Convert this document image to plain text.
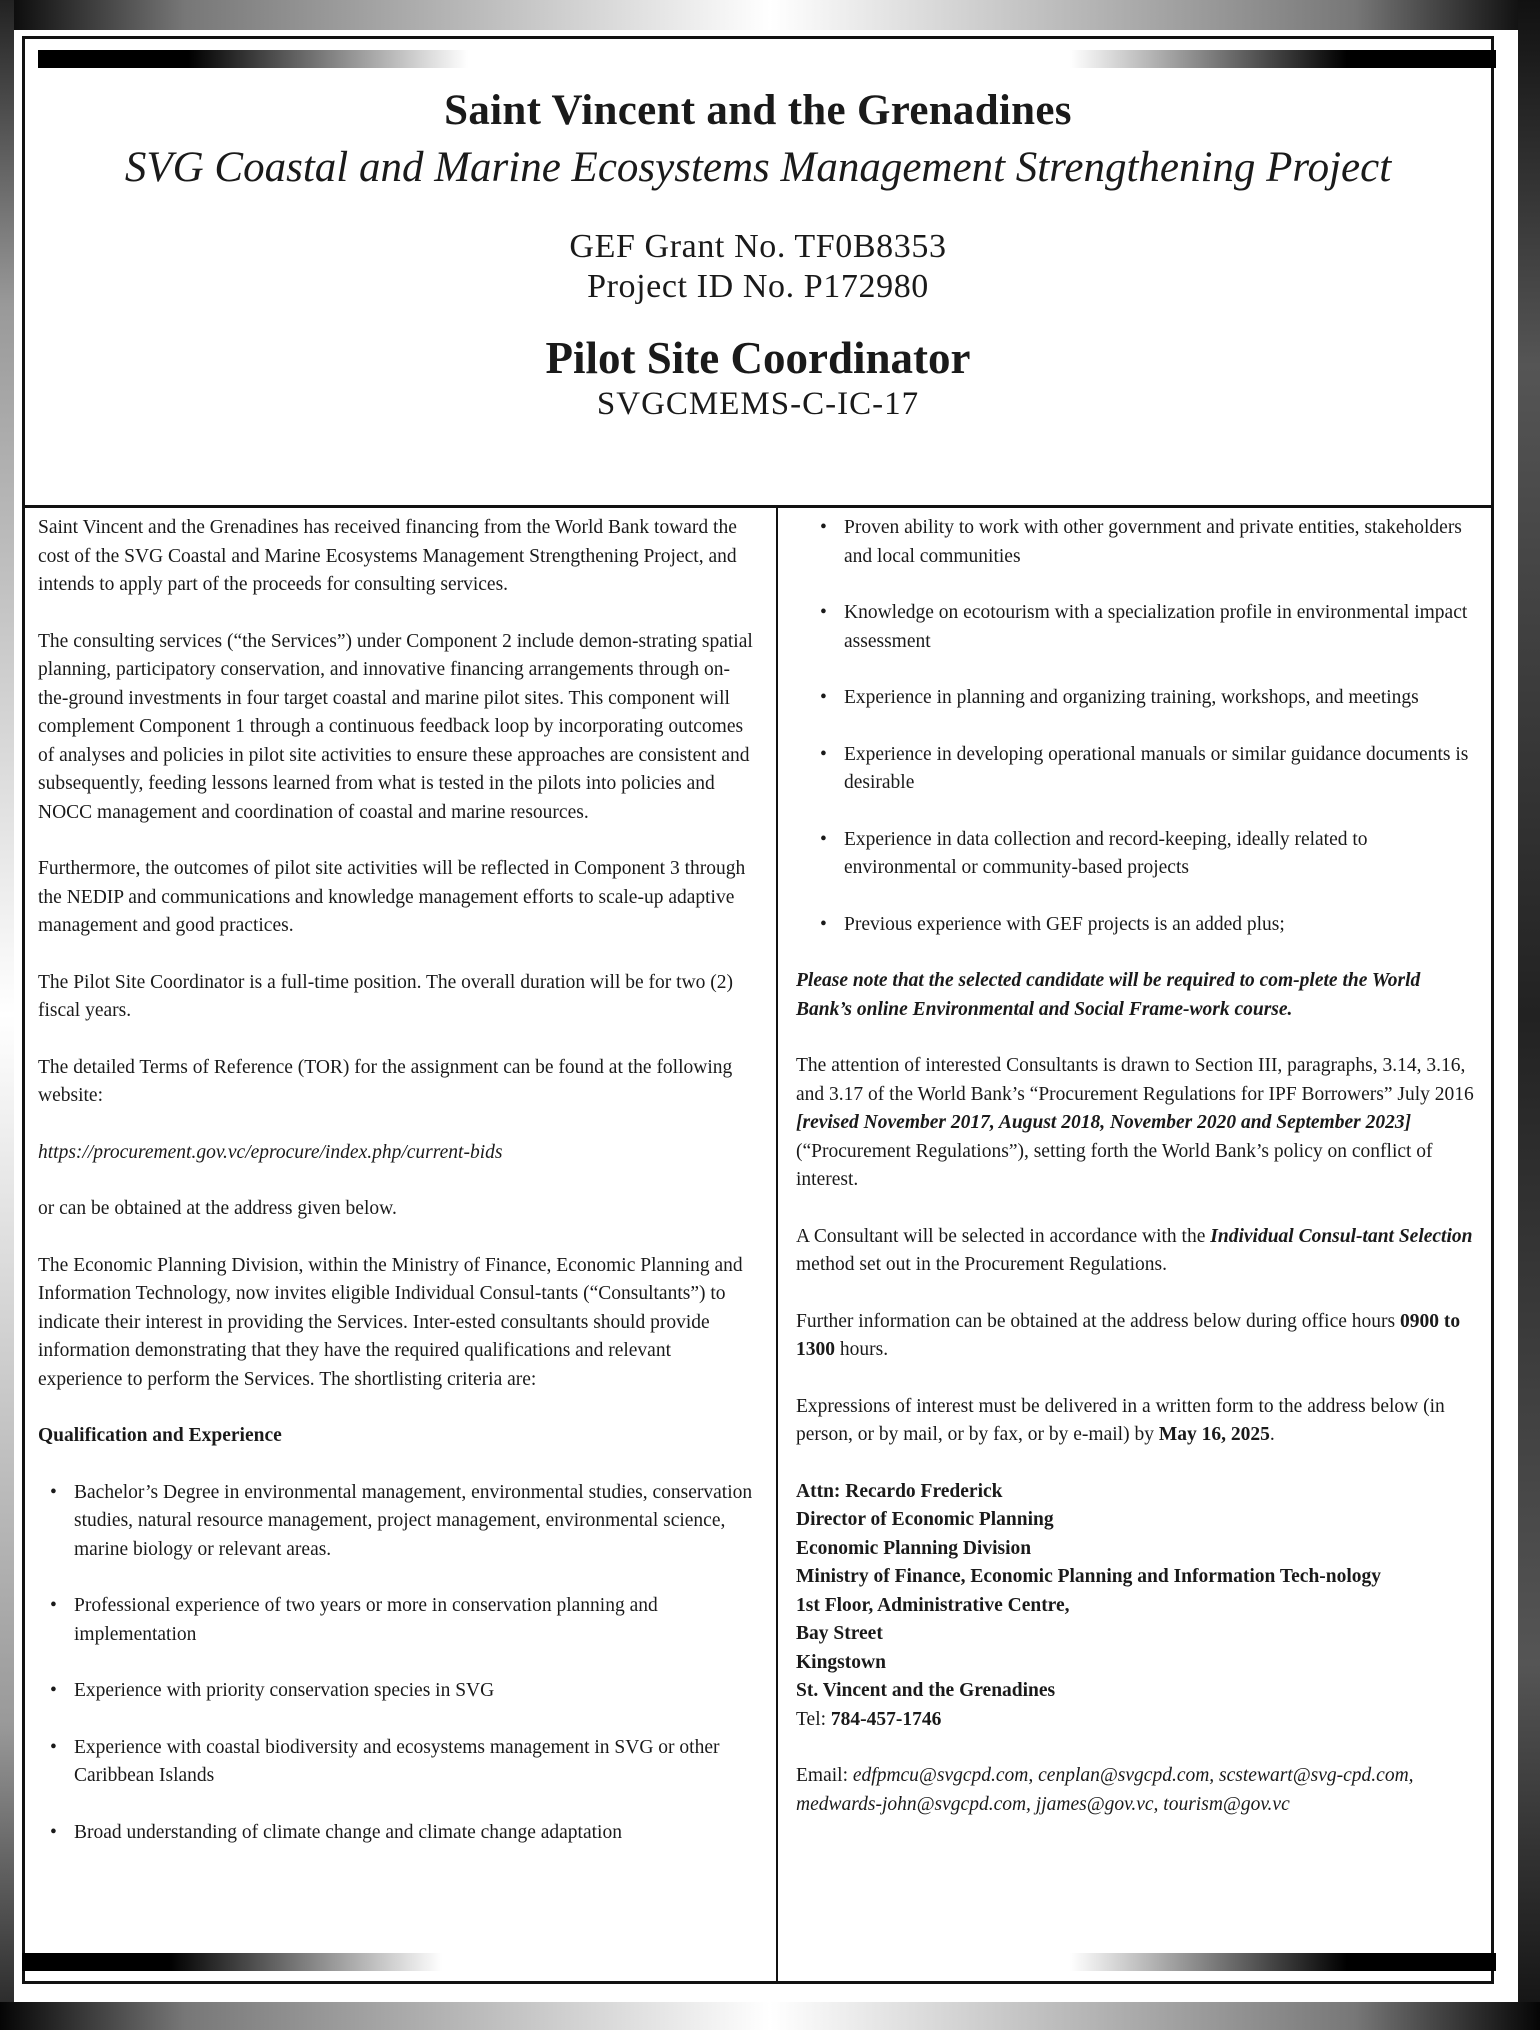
Saint Vincent and the Grenadines
SVG Coastal and Marine Ecosystems Management Strengthening Project
GEF Grant No. TF0B8353
Project ID No. P172980
Pilot Site Coordinator
SVGCMEMS-C-IC-17

Saint Vincent and the Grenadines has received financing from the World Bank toward the cost of the SVG Coastal and Marine Ecosystems Management Strengthening Project, and intends to apply part of the proceeds for consulting services.

The consulting services (“the Services”) under Component 2 include demon-strating spatial planning, participatory conservation, and innovative financing arrangements through on-the-ground investments in four target coastal and marine pilot sites. This component will complement Component 1 through a continuous feedback loop by incorporating outcomes of analyses and policies in pilot site activities to ensure these approaches are consistent and subsequently, feeding lessons learned from what is tested in the pilots into policies and NOCC management and coordination of coastal and marine resources.

Furthermore, the outcomes of pilot site activities will be reflected in Component 3 through the NEDIP and communications and knowledge management efforts to scale-up adaptive management and good practices.

The Pilot Site Coordinator is a full-time position. The overall duration will be for two (2) fiscal years.

The detailed Terms of Reference (TOR) for the assignment can be found at the following website:

https://procurement.gov.vc/eprocure/index.php/current-bids

or can be obtained at the address given below.

The Economic Planning Division, within the Ministry of Finance, Economic Planning and Information Technology, now invites eligible Individual Consul-tants (“Consultants”) to indicate their interest in providing the Services. Inter-ested consultants should provide information demonstrating that they have the required qualifications and relevant experience to perform the Services. The shortlisting criteria are:

Qualification and Experience

• Bachelor’s Degree in environmental management, environmental studies, conservation studies, natural resource management, project management, environmental science, marine biology or relevant areas.
• Professional experience of two years or more in conservation planning and implementation
• Experience with priority conservation species in SVG
• Experience with coastal biodiversity and ecosystems management in SVG or other Caribbean Islands
• Broad understanding of climate change and climate change adaptation
• Proven ability to work with other government and private entities, stakeholders and local communities
• Knowledge on ecotourism with a specialization profile in environmental impact assessment
• Experience in planning and organizing training, workshops, and meetings
• Experience in developing operational manuals or similar guidance documents is desirable
• Experience in data collection and record-keeping, ideally related to environmental or community-based projects
• Previous experience with GEF projects is an added plus;

Please note that the selected candidate will be required to com-plete the World Bank’s online Environmental and Social Frame-work course.

The attention of interested Consultants is drawn to Section III, paragraphs, 3.14, 3.16, and 3.17 of the World Bank’s “Procurement Regulations for IPF Borrowers” July 2016 [revised November 2017, August 2018, November 2020 and September 2023] (“Procurement Regulations”), setting forth the World Bank’s policy on conflict of interest.

A Consultant will be selected in accordance with the Individual Consul-tant Selection method set out in the Procurement Regulations.

Further information can be obtained at the address below during office hours 0900 to 1300 hours.

Expressions of interest must be delivered in a written form to the address below (in person, or by mail, or by fax, or by e-mail) by May 16, 2025.

Attn: Recardo Frederick
Director of Economic Planning
Economic Planning Division
Ministry of Finance, Economic Planning and Information Tech-nology
1st Floor, Administrative Centre,
Bay Street
Kingstown
St. Vincent and the Grenadines
Tel: 784-457-1746

Email: edfpmcu@svgcpd.com, cenplan@svgcpd.com, scstewart@svg-cpd.com, medwards-john@svgcpd.com, jjames@gov.vc, tourism@gov.vc
